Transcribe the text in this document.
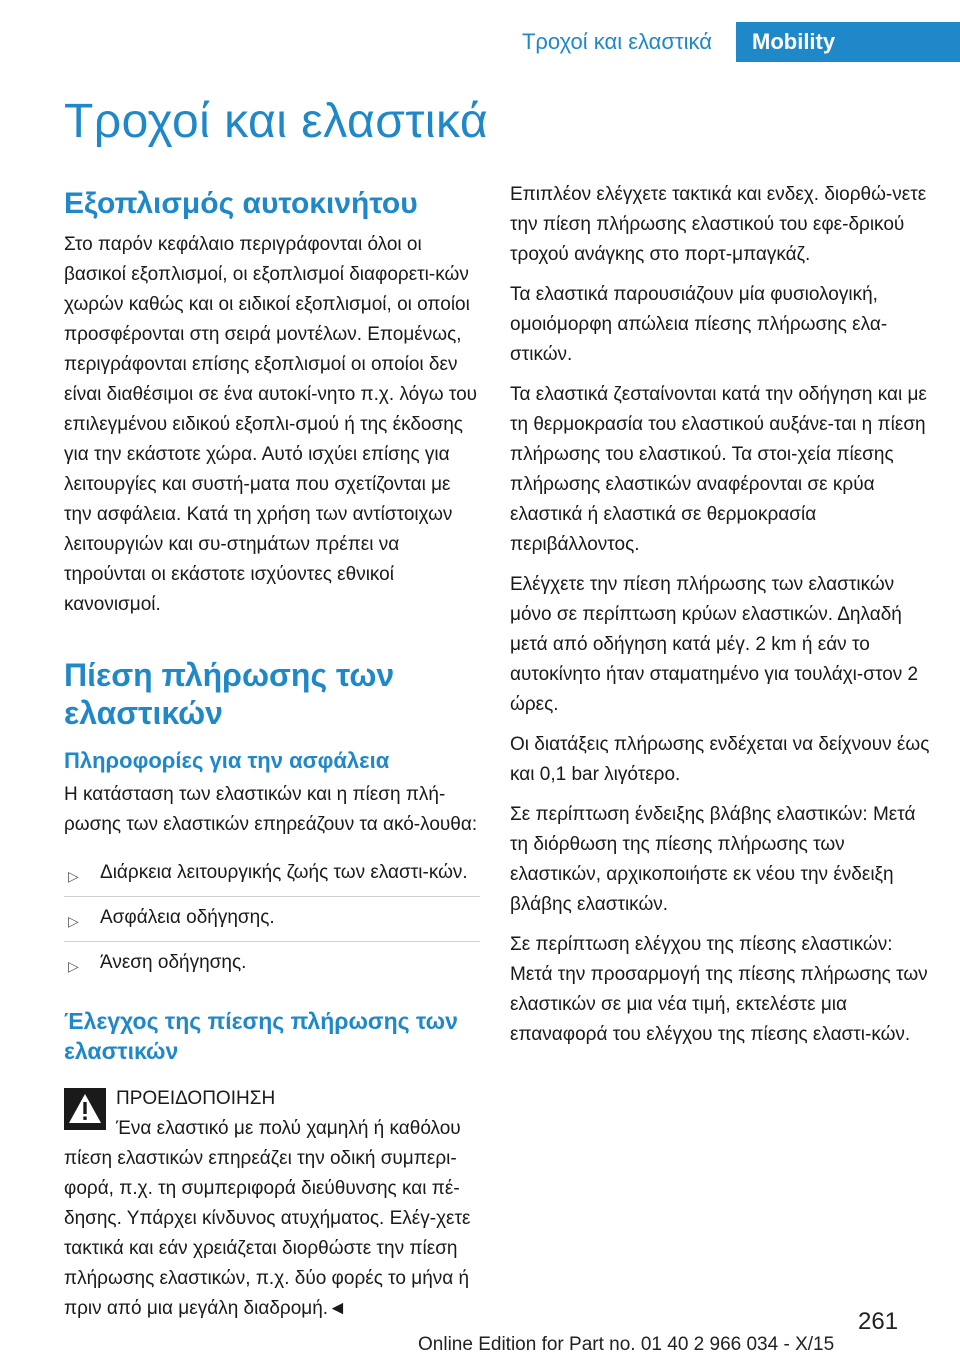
Τροχοί και ελαστικά	Mobility
Τροχοί και ελαστικά
Εξοπλισμός αυτοκινήτου

Στο παρόν κεφάλαιο περιγράφονται όλοι οι βασικοί εξοπλισμοί, οι εξοπλισμοί διαφορετι-κών χωρών καθώς και οι ειδικοί εξοπλισμοί, οι οποίοι προσφέρονται στη σειρά μοντέλων. Επομένως, περιγράφονται επίσης εξοπλισμοί οι οποίοι δεν είναι διαθέσιμοι σε ένα αυτοκί-νητο π.χ. λόγω του επιλεγμένου ειδικού εξοπλι-σμού ή της έκδοσης για την εκάστοτε χώρα. Αυτό ισχύει επίσης για λειτουργίες και συστή-ματα που σχετίζονται με την ασφάλεια. Κατά τη χρήση των αντίστοιχων λειτουργιών και συ-στημάτων πρέπει να τηρούνται οι εκάστοτε ισχύοντες εθνικοί κανονισμοί.

Πίεση πλήρωσης των ελαστικών
Πληροφορίες για την ασφάλεια

Η κατάσταση των ελαστικών και η πίεση πλή-ρωσης των ελαστικών επηρεάζουν τα ακό-λουθα:

▷ Διάρκεια λειτουργικής ζωής των ελαστι-κών.
▷ Ασφάλεια οδήγησης.
▷ Άνεση οδήγησης.
Έλεγχος της πίεσης πλήρωσης των ελαστικών
ΠΡΟΕΙΔΟΠΟΙΗΣΗ
Ένα ελαστικό με πολύ χαμηλή ή καθόλου πίεση ελαστικών επηρεάζει την οδική συμπερι-φορά, π.χ. τη συμπεριφορά διεύθυνσης και πέ-δησης. Υπάρχει κίνδυνος ατυχήματος. Ελέγ-χετε τακτικά και εάν χρειάζεται διορθώστε την πίεση πλήρωσης ελαστικών, π.χ. δύο φορές το μήνα ή πριν από μια μεγάλη διαδρομή.◄

Επιπλέον ελέγχετε τακτικά και ενδεχ. διορθώ-νετε την πίεση πλήρωσης ελαστικού του εφε-δρικού τροχού ανάγκης στο πορτ-μπαγκάζ.

Τα ελαστικά παρουσιάζουν μία φυσιολογική, ομοιόμορφη απώλεια πίεσης πλήρωσης ελα-στικών.

Τα ελαστικά ζεσταίνονται κατά την οδήγηση και με τη θερμοκρασία του ελαστικού αυξάνε-ται η πίεση πλήρωσης του ελαστικού. Τα στοι-χεία πίεσης πλήρωσης ελαστικών αναφέρονται σε κρύα ελαστικά ή ελαστικά σε θερμοκρασία περιβάλλοντος.

Ελέγχετε την πίεση πλήρωσης των ελαστικών μόνο σε περίπτωση κρύων ελαστικών. Δηλαδή μετά από οδήγηση κατά μέγ. 2 km ή εάν το αυτοκίνητο ήταν σταματημένο για τουλάχι-στον 2 ώρες.

Οι διατάξεις πλήρωσης ενδέχεται να δείχνουν έως και 0,1 bar λιγότερο.

Σε περίπτωση ένδειξης βλάβης ελαστικών: Μετά τη διόρθωση της πίεσης πλήρωσης των ελαστικών, αρχικοποιήστε εκ νέου την ένδειξη βλάβης ελαστικών.

Σε περίπτωση ελέγχου της πίεσης ελαστικών: Μετά την προσαρμογή της πίεσης πλήρωσης των ελαστικών σε μια νέα τιμή, εκτελέστε μια επαναφορά του ελέγχου της πίεσης ελαστι-κών.

261
Online Edition for Part no. 01 40 2 966 034 - X/15
